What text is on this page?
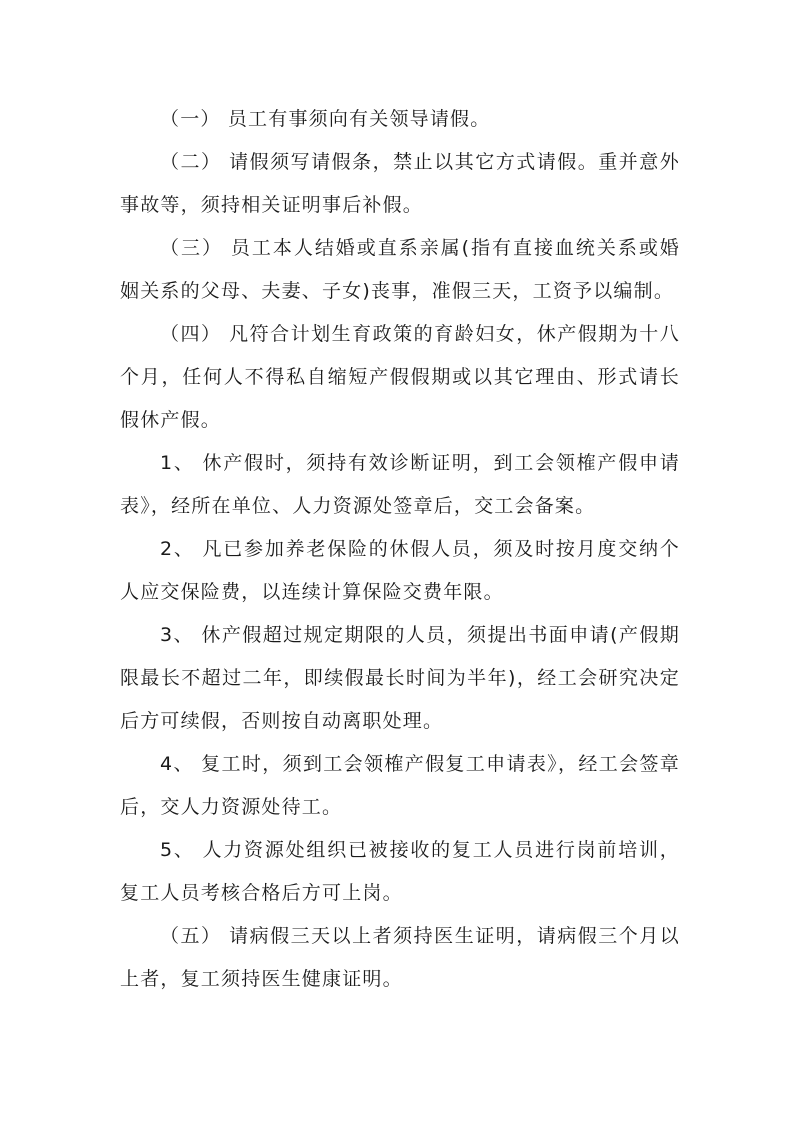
（一） 员工有事须向有关领导请假。

（二） 请假须写请假条，禁止以其它方式请假。重并意外事故等，须持相关证明事后补假。

（三） 员工本人结婚或直系亲属(指有直接血统关系或婚姻关系的父母、夫妻、子女)丧事，准假三天，工资予以编制。

（四） 凡符合计划生育政策的育龄妇女，休产假期为十八个月，任何人不得私自缩短产假假期或以其它理由、形式请长假休产假。

1、 休产假时，须持有效诊断证明，到工会领榷产假申请表》，经所在单位、人力资源处签章后，交工会备案。

2、 凡已参加养老保险的休假人员，须及时按月度交纳个人应交保险费，以连续计算保险交费年限。

3、 休产假超过规定期限的人员，须提出书面申请(产假期限最长不超过二年，即续假最长时间为半年)，经工会研究决定后方可续假，否则按自动离职处理。

4、 复工时，须到工会领榷产假复工申请表》，经工会签章后，交人力资源处待工。

5、 人力资源处组织已被接收的复工人员进行岗前培训，复工人员考核合格后方可上岗。

（五） 请病假三天以上者须持医生证明，请病假三个月以上者，复工须持医生健康证明。
